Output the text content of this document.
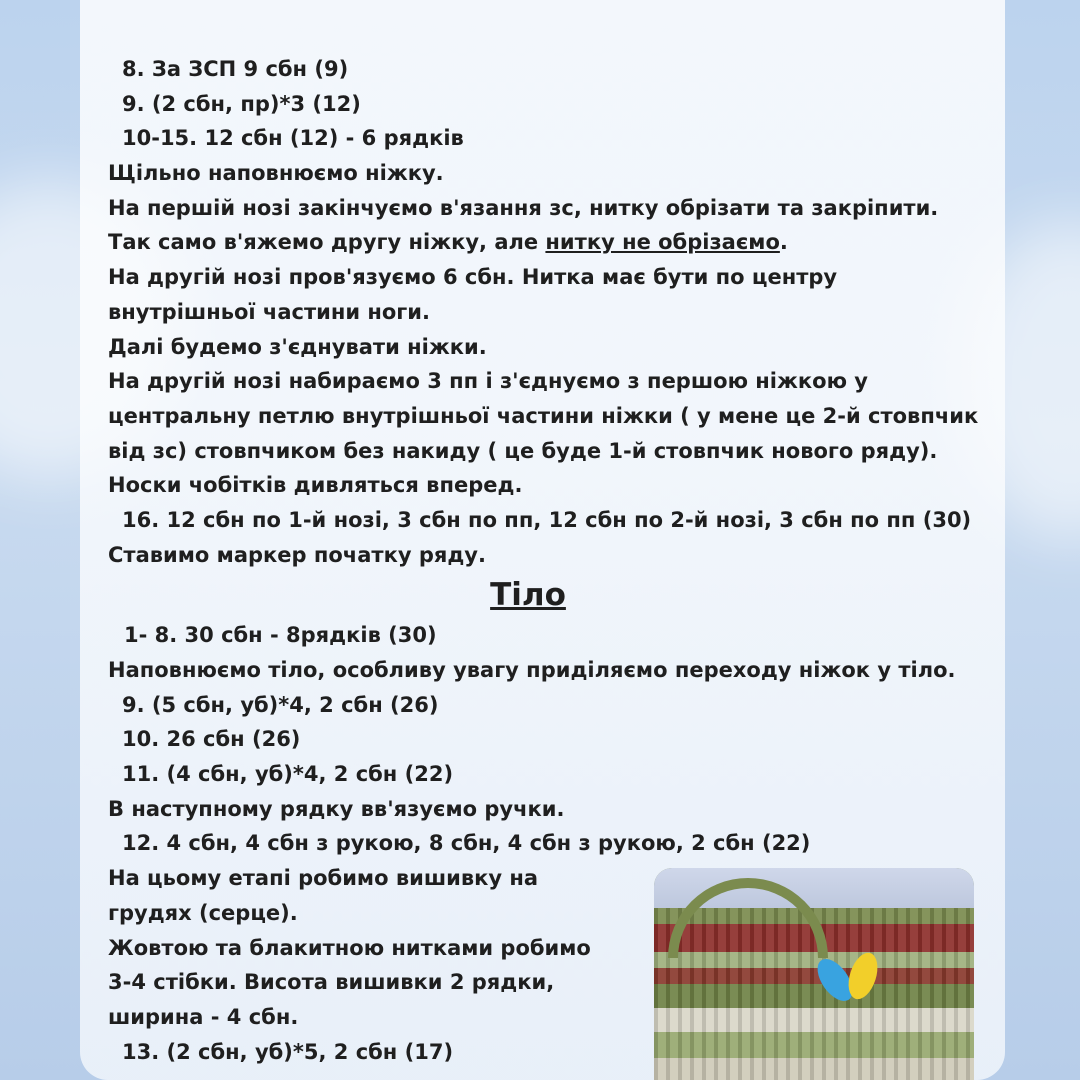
8. За ЗСП 9 сбн (9)
9. (2 сбн, пр)*3 (12)
10-15. 12 сбн (12) - 6 рядків
Щільно наповнюємо ніжку.
На першій нозі закінчуємо в'язання зс, нитку обрізати та закріпити.
Так само в'яжемо другу ніжку, але нитку не обрізаємо.
На другій нозі пров'язуємо 6 сбн. Нитка має бути по центру
внутрішньої частини ноги.
Далі будемо з'єднувати ніжки.
На другій нозі набираємо 3 пп і з'єднуємо з першою ніжкою у
центральну петлю внутрішньої частини ніжки ( у мене це 2-й стовпчик
від зс) стовпчиком без накиду ( це буде 1-й стовпчик нового ряду).
Носки чобітків дивляться вперед.
16. 12 сбн по 1-й нозі, 3 сбн по пп, 12 сбн по 2-й нозі, 3 сбн по пп (30)
Ставимо маркер початку ряду.
Тіло
1- 8. 30 сбн - 8рядків (30)
Наповнюємо тіло, особливу увагу приділяємо переходу ніжок у тіло.
9. (5 сбн, уб)*4, 2 сбн (26)
10. 26 сбн (26)
11. (4 сбн, уб)*4, 2 сбн (22)
В наступному рядку вв'язуємо ручки.
12. 4 сбн, 4 сбн з рукою, 8 сбн, 4 сбн з рукою, 2 сбн (22)
На цьому етапі робимо вишивку на
грудях (серце).
Жовтою та блакитною нитками робимо
3-4 стібки. Висота вишивки 2 рядки,
ширина - 4 сбн.
13. (2 сбн, уб)*5, 2 сбн (17)
